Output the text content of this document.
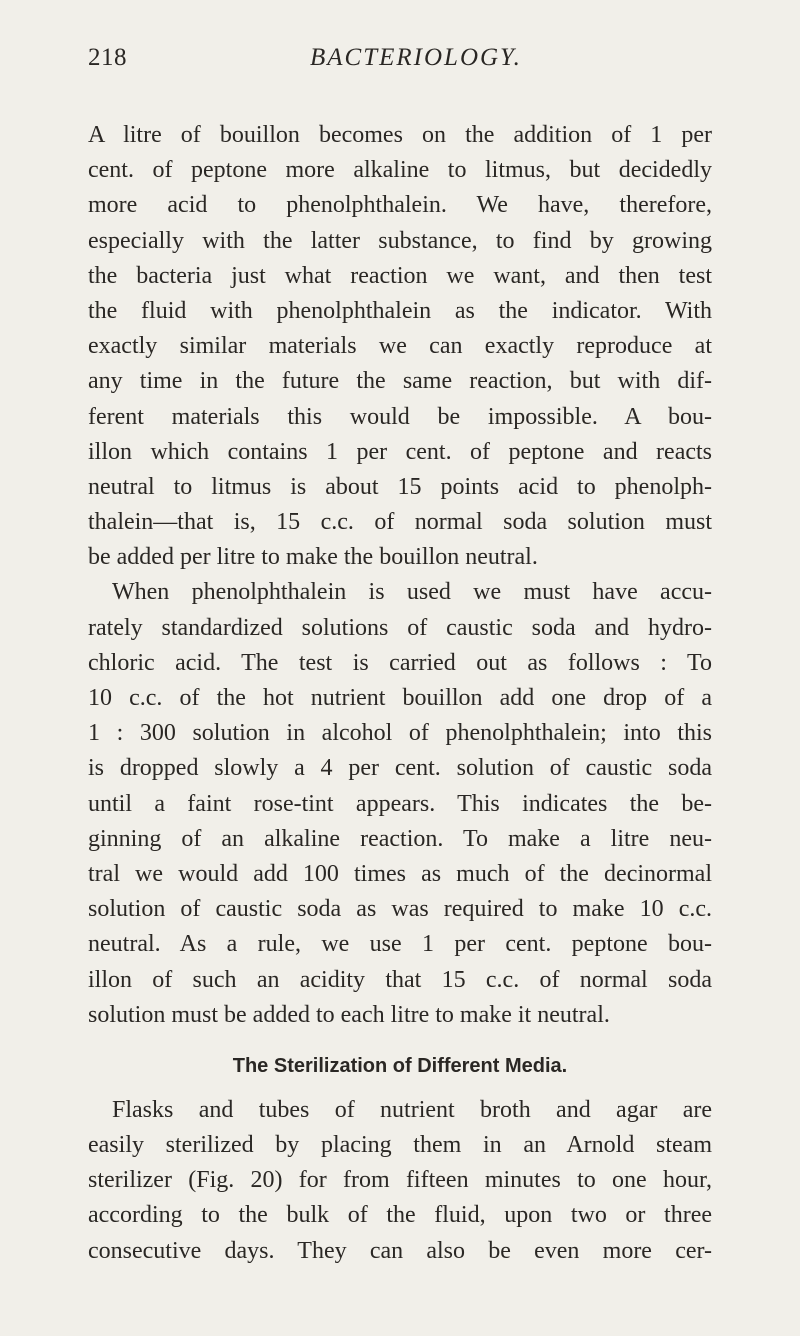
218	BACTERIOLOGY.
A litre of bouillon becomes on the addition of 1 per
cent. of peptone more alkaline to litmus, but decidedly
more acid to phenolphthalein. We have, therefore,
especially with the latter substance, to find by growing
the bacteria just what reaction we want, and then test
the fluid with phenolphthalein as the indicator. With
exactly similar materials we can exactly reproduce at
any time in the future the same reaction, but with dif-
ferent materials this would be impossible. A bou-
illon which contains 1 per cent. of peptone and reacts
neutral to litmus is about 15 points acid to phenolph-
thalein—that is, 15 c.c. of normal soda solution must
be added per litre to make the bouillon neutral.
When phenolphthalein is used we must have accu-
rately standardized solutions of caustic soda and hydro-
chloric acid. The test is carried out as follows : To
10 c.c. of the hot nutrient bouillon add one drop of a
1 : 300 solution in alcohol of phenolphthalein; into this
is dropped slowly a 4 per cent. solution of caustic soda
until a faint rose-tint appears. This indicates the be-
ginning of an alkaline reaction. To make a litre neu-
tral we would add 100 times as much of the decinormal
solution of caustic soda as was required to make 10 c.c.
neutral. As a rule, we use 1 per cent. peptone bou-
illon of such an acidity that 15 c.c. of normal soda
solution must be added to each litre to make it neutral.
The Sterilization of Different Media.
Flasks and tubes of nutrient broth and agar are
easily sterilized by placing them in an Arnold steam
sterilizer (Fig. 20) for from fifteen minutes to one hour,
according to the bulk of the fluid, upon two or three
consecutive days. They can also be even more cer-
